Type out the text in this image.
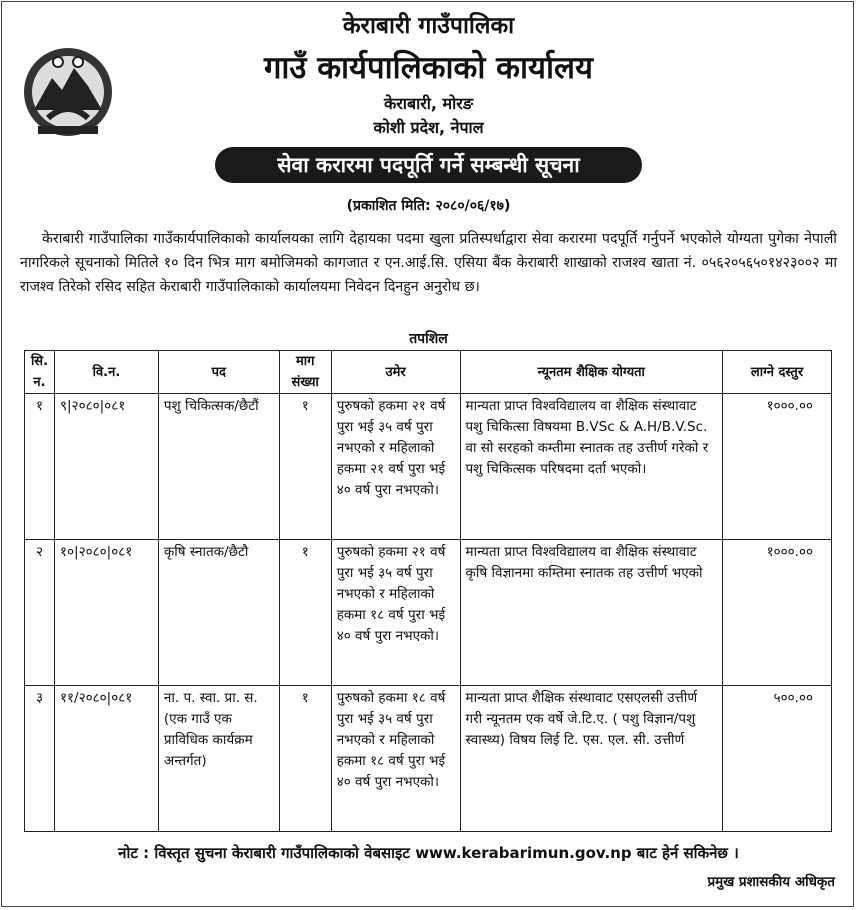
केराबारी गाउँपालिका
गाउँ कार्यपालिकाको कार्यालय
केराबारी, मोरङ
कोशी प्रदेश, नेपाल
सेवा करारमा पदपूर्ति गर्ने सम्बन्धी सूचना
(प्रकाशित मिति: २०८०/०६/१७)
केराबारी गाउँपालिका गाउँकार्यपालिकाको कार्यालयका लागि देहायका पदमा खुला प्रतिस्पर्धाद्वारा सेवा करारमा पदपूर्ति गर्नुपर्ने भएकोले योग्यता पुगेका नेपाली नागरिकले सूचनाको मितिले १० दिन भित्र माग बमोजिमको कागजात र एन.आई.सि. एसिया बैंक केराबारी शाखाको राजश्व खाता नं. ०५६२०५६५०१४२३००२ मा राजश्व तिरेको रसिद सहित केराबारी गाउँपालिकाको कार्यालयमा निवेदन दिनहुन अनुरोध छ।
तपशिल
सि. न.	वि.न.	पद	माग संख्या	उमेर	न्यूनतम शैक्षिक योग्यता	लाग्ने दस्तुर
१	९|२०८०|०८१	पशु चिकित्सक/छैटौं	१	पुरुषको हकमा २१ वर्ष पुरा भई ३५ वर्ष पुरा नभएको र महिलाको हकमा २१ वर्ष पुरा भई ४० वर्ष पुरा नभएको।	मान्यता प्राप्त विश्वविद्यालय वा शैक्षिक संस्थावाट पशु चिकित्सा विषयमा B.VSc & A.H/B.V.Sc. वा सो सरहको कम्तीमा स्नातक तह उत्तीर्ण गरेको र पशु चिकित्सक परिषदमा दर्ता भएको।	१०००.००
२	१०|२०८०|०८१	कृषि स्नातक/छैटौ	१	पुरुषको हकमा २१ वर्ष पुरा भई ३५ वर्ष पुरा नभएको र महिलाको हकमा १८ वर्ष पुरा भई ४० वर्ष पुरा नभएको।	मान्यता प्राप्त विश्वविद्यालय वा शैक्षिक संस्थावाट कृषि विज्ञानमा कम्तिमा स्नातक तह उत्तीर्ण भएको	१०००.००
३	११/२०८०|०८१	ना. प. स्वा. प्रा. स. (एक गाउँ एक प्राविधिक कार्यक्रम अन्तर्गत)	१	पुरुषको हकमा १८ वर्ष पुरा भई ३५ वर्ष पुरा नभएको र महिलाको हकमा १८ वर्ष पुरा भई ४० वर्ष पुरा नभएको।	मान्यता प्राप्त शैक्षिक संस्थावाट एसएलसी उत्तीर्ण गरी न्यूनतम एक वर्षे जे.टि.ए. ( पशु विज्ञान/पशु स्वास्थ्य) विषय लिई टि. एस. एल. सी. उत्तीर्ण	५००.००
नोट : विस्तृत सुचना केराबारी गाउँपालिकाको वेबसाइट www.kerabarimun.gov.np बाट हेर्न सकिनेछ ।
प्रमुख प्रशासकीय अधिकृत
